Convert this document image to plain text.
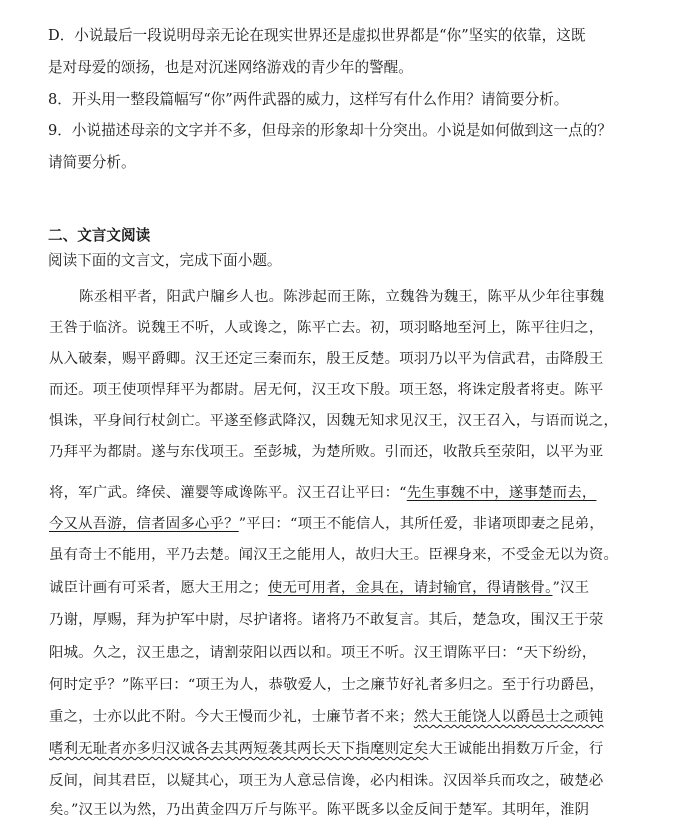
D．小说最后一段说明母亲无论在现实世界还是虚拟世界都是“你”坚实的依靠，这既
是对母爱的颂扬，也是对沉迷网络游戏的青少年的警醒。
8．开头用一整段篇幅写“你”两件武器的威力，这样写有什么作用？请简要分析。
9．小说描述母亲的文字并不多，但母亲的形象却十分突出。小说是如何做到这一点的？
请简要分析。
二、文言文阅读
阅读下面的文言文，完成下面小题。
陈丞相平者，阳武户牖乡人也。陈涉起而王陈，立魏咎为魏王，陈平从少年往事魏
王咎于临济。说魏王不听，人或谗之，陈平亡去。初，项羽略地至河上，陈平往归之，
从入破秦，赐平爵卿。汉王还定三秦而东，殷王反楚。项羽乃以平为信武君，击降殷王
而还。项王使项悍拜平为都尉。居无何，汉王攻下殷。项王怒，将诛定殷者将吏。陈平
惧诛，平身间行杖剑亡。平遂至修武降汉，因魏无知求见汉王，汉王召入，与语而说之，
乃拜平为都尉。遂与东伐项王。至彭城，为楚所败。引而还，收散兵至荥阳，以平为亚
将，军广武。绛侯、灌婴等咸谗陈平。汉王召让平曰：“先生事魏不中，遂事楚而去，
今又从吾游，信者固多心乎？”平曰：“项王不能信人，其所任爱，非诸项即妻之昆弟，
虽有奇士不能用，平乃去楚。闻汉王之能用人，故归大王。臣裸身来，不受金无以为资。
诚臣计画有可采者，愿大王用之；使无可用者，金具在，请封输官，得请骸骨。”汉王
乃谢，厚赐，拜为护军中尉，尽护诸将。诸将乃不敢复言。其后，楚急攻，围汉王于荥
阳城。久之，汉王患之，请割荥阳以西以和。项王不听。汉王谓陈平曰：“天下纷纷，
何时定乎？”陈平曰：“项王为人，恭敬爱人，士之廉节好礼者多归之。至于行功爵邑，
重之，士亦以此不附。今大王慢而少礼，士廉节者不来；然大王能饶人以爵邑士之顽钝
嗜利无耻者亦多归汉诚各去其两短袭其两长天下指麾则定矣大王诚能出捐数万斤金，行
反间，间其君臣，以疑其心，项王为人意忌信谗，必内相诛。汉因举兵而攻之，破楚必
矣。”汉王以为然，乃出黄金四万斤与陈平。陈平既多以金反间于楚军。其明年，淮阴
